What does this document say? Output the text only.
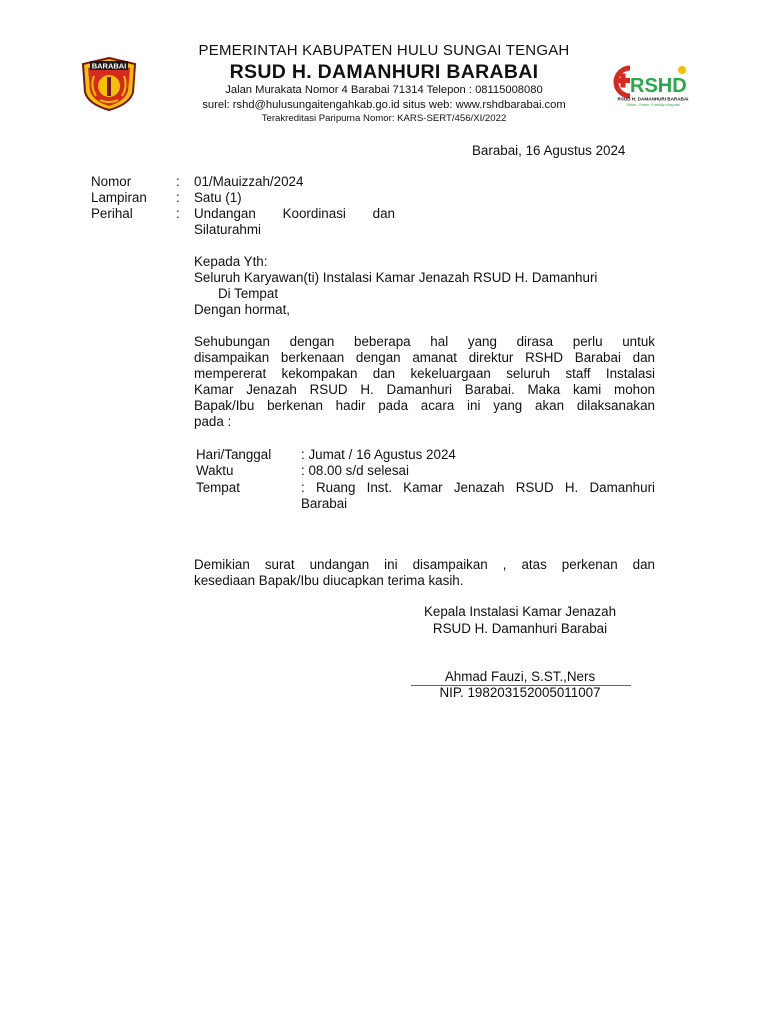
BARABAI
RSHD
RSUD H. DAMANHURI BARABAI
Smart, Green, Friendly Hospital
PEMERINTAH KABUPATEN HULU SUNGAI TENGAH
RSUD H. DAMANHURI BARABAI
Jalan Murakata Nomor 4 Barabai 71314 Telepon : 08115008080
surel: rshd@hulusungaitengahkab.go.id situs web: www.rshdbarabai.com
Terakreditasi Paripurna Nomor: KARS-SERT/456/XI/2022
Barabai, 16 Agustus 2024
Nomor	: 01/Mauizzah/2024
Lampiran : Satu (1)
Perihal	: Undangan Koordinasi dan
Silaturahmi
Kepada Yth:
Seluruh Karyawan(ti) Instalasi Kamar Jenazah RSUD H. Damanhuri
Di Tempat
Dengan hormat,
Sehubungan dengan beberapa hal yang dirasa perlu untuk
disampaikan berkenaan dengan amanat direktur RSHD Barabai dan
mempererat kekompakan dan kekeluargaan seluruh staff Instalasi
Kamar Jenazah RSUD H. Damanhuri Barabai. Maka kami mohon
Bapak/Ibu berkenan hadir pada acara ini yang akan dilaksanakan
pada :
Hari/Tanggal : Jumat / 16 Agustus 2024
Waktu	: 08.00 s/d selesai
Tempat	: Ruang Inst. Kamar Jenazah RSUD H. Damanhuri
Barabai
Demikian surat undangan ini disampaikan , atas perkenan dan
kesediaan Bapak/Ibu diucapkan terima kasih.
Kepala Instalasi Kamar Jenazah
RSUD H. Damanhuri Barabai
Ahmad Fauzi, S.ST.,Ners
NIP. 198203152005011007
